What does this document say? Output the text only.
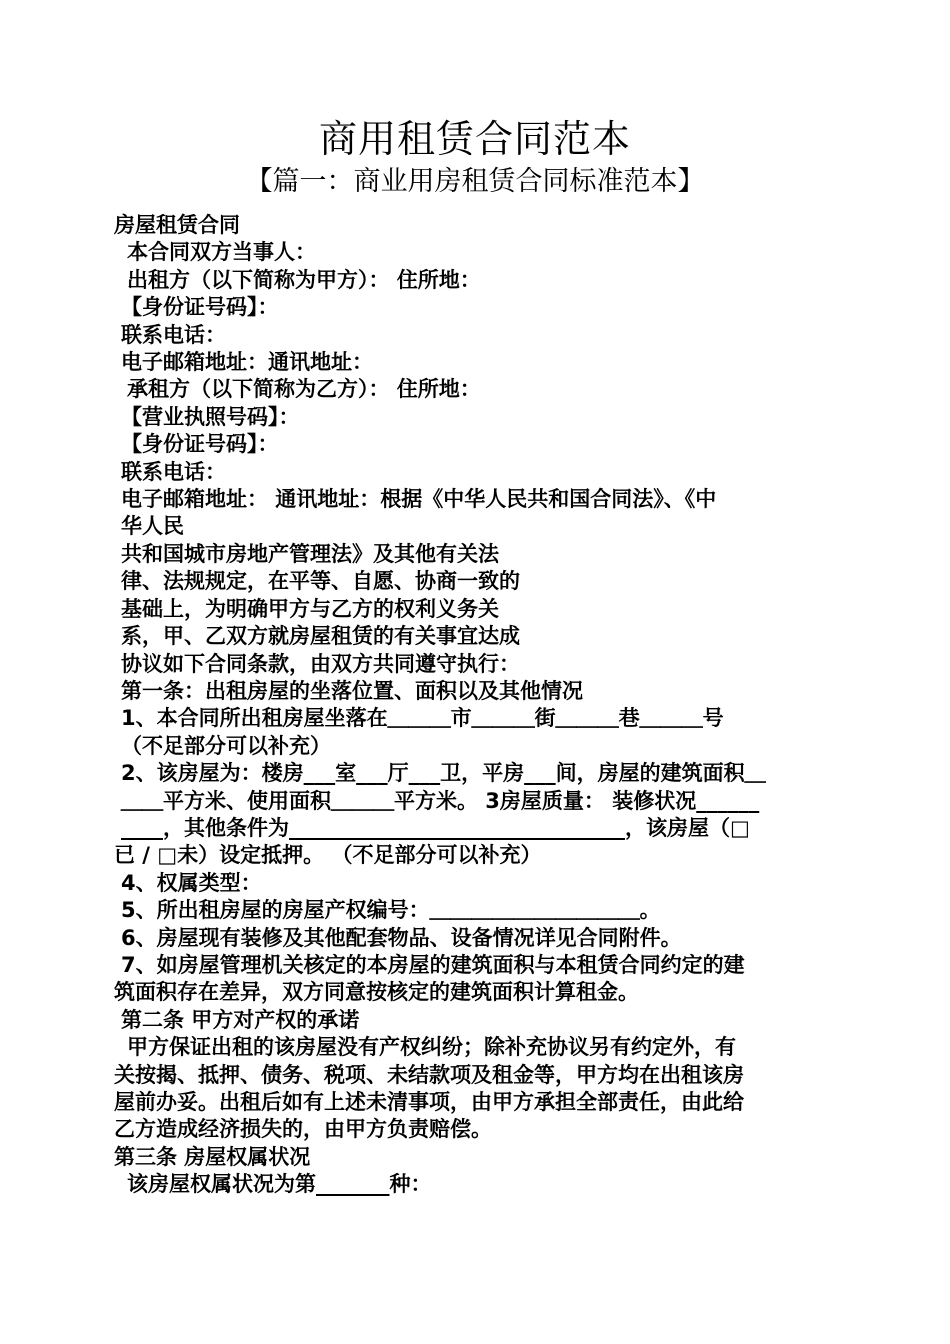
商用租赁合同范本
【篇一：商业用房租赁合同标准范本】
房屋租赁合同
本合同双方当事人：
出租方（以下简称为甲方）： 住所地：
【身份证号码】：
联系电话：
电子邮箱地址：通讯地址：
承租方（以下简称为乙方）： 住所地：
【营业执照号码】：
【身份证号码】：
联系电话：
电子邮箱地址： 通讯地址：根据《中华人民共和国合同法》、《中
华人民
共和国城市房地产管理法》及其他有关法
律、法规规定，在平等、自愿、协商一致的
基础上，为明确甲方与乙方的权利义务关
系，甲、乙双方就房屋租赁的有关事宜达成
协议如下合同条款，由双方共同遵守执行：
第一条：出租房屋的坐落位置、面积以及其他情况
1、本合同所出租房屋坐落在＿＿＿市＿＿＿街＿＿＿巷＿＿＿号
（不足部分可以补充）
2、该房屋为：楼房___室___厅___卫，平房___间，房屋的建筑面积＿
＿＿平方米、使用面积＿＿＿平方米。 3房屋质量： 装修状况______
____，其他条件为________________________________，该房屋（□
已 / □未）设定抵押。 （不足部分可以补充）
4、权属类型：
5、所出租房屋的房屋产权编号：＿＿＿＿＿＿＿＿＿＿。
6、房屋现有装修及其他配套物品、设备情况详见合同附件。
7、如房屋管理机关核定的本房屋的建筑面积与本租赁合同约定的建
筑面积存在差异，双方同意按核定的建筑面积计算租金。
第二条 甲方对产权的承诺
甲方保证出租的该房屋没有产权纠纷；除补充协议另有约定外，有
关按揭、抵押、债务、税项、未结款项及租金等，甲方均在出租该房
屋前办妥。出租后如有上述未清事项，由甲方承担全部责任，由此给
乙方造成经济损失的，由甲方负责赔偿。
第三条 房屋权属状况
该房屋权属状况为第_______种：
